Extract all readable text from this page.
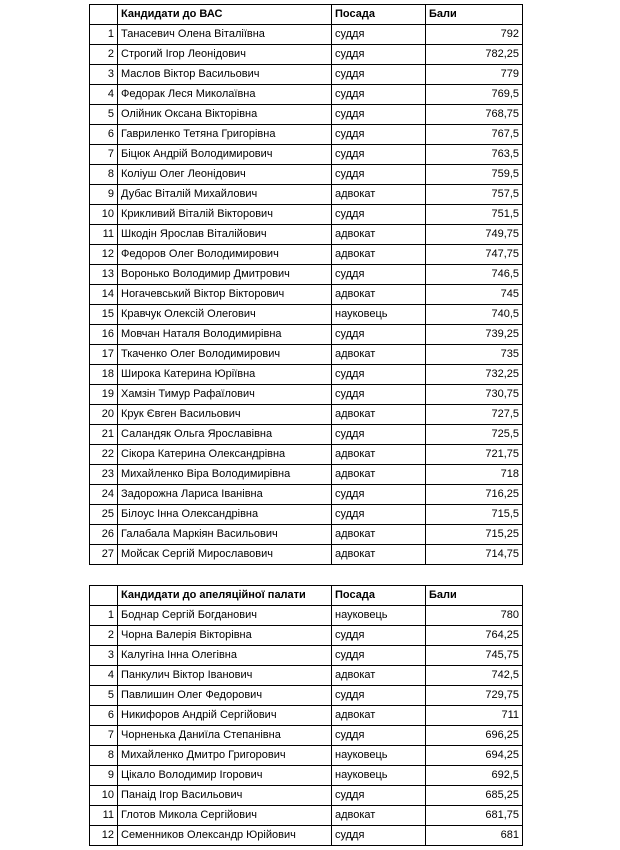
	Кандидати до ВАС	Посада	Бали
1	Танасевич Олена Віталіївна	суддя	792
2	Строгий Ігор Леонідович	суддя	782,25
3	Маслов Віктор Васильович	суддя	779
4	Федорак Леся Миколаївна	суддя	769,5
5	Олійник Оксана Вікторівна	суддя	768,75
6	Гавриленко Тетяна Григорівна	суддя	767,5
7	Біцюк Андрій Володимирович	суддя	763,5
8	Коліуш Олег Леонідович	суддя	759,5
9	Дубас Віталій Михайлович	адвокат	757,5
10	Крикливий Віталій Вікторович	суддя	751,5
11	Шкодін Ярослав Віталійович	адвокат	749,75
12	Федоров Олег Володимирович	адвокат	747,75
13	Воронько Володимир Дмитрович	суддя	746,5
14	Ногачевський Віктор Вікторович	адвокат	745
15	Кравчук Олексій Олегович	науковець	740,5
16	Мовчан Наталя Володимирівна	суддя	739,25
17	Ткаченко Олег Володимирович	адвокат	735
18	Широка Катерина Юріївна	суддя	732,25
19	Хамзін Тимур Рафаїлович	суддя	730,75
20	Крук Євген Васильович	адвокат	727,5
21	Саландяк Ольга Ярославівна	суддя	725,5
22	Сікора Катерина Олександрівна	адвокат	721,75
23	Михайленко Віра Володимирівна	адвокат	718
24	Задорожна Лариса Іванівна	суддя	716,25
25	Білоус Інна Олександрівна	суддя	715,5
26	Галабала Маркіян Васильович	адвокат	715,25
27	Мойсак Сергій Мирославович	адвокат	714,75
	Кандидати до апеляційної палати	Посада	Бали
1	Боднар Сергій Богданович	науковець	780
2	Чорна Валерія Вікторівна	суддя	764,25
3	Калугіна Інна Олегівна	суддя	745,75
4	Панкулич Віктор Іванович	адвокат	742,5
5	Павлишин Олег Федорович	суддя	729,75
6	Никифоров Андрій Сергійович	адвокат	711
7	Чорненька Даниїла Степанівна	суддя	696,25
8	Михайленко Дмитро Григорович	науковець	694,25
9	Цікало Володимир Ігорович	науковець	692,5
10	Панаід Ігор Васильович	суддя	685,25
11	Глотов Микола Сергійович	адвокат	681,75
12	Семенников Олександр Юрійович	суддя	681
